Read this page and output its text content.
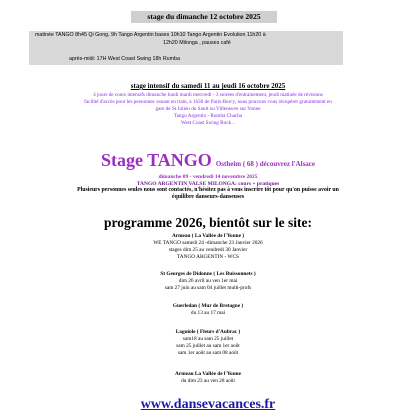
stage du dimanche 12 octobre 2025
matinée TANGO 8h45 Qi Gong, 9h Tango Argentin bases 10h10 Tango Argentin Evolution 11h20 à
12h20 Milonga , pauses café
après-midi: 17H West Coast Swing 18h Rumba
stage intensif du samedi 11 au jeudi 16 octobre 2025
4 jours de cours intensifs dimanche lundi mardi mercredi - 3 soirées d'entrainement, jeudi matinée de révisions
facilité d'accès pour les personnes venant en train, à 1h30 de Paris-Bercy, nous pouvons vous récupérer gratuitement en
gare de St Julien du Sault ou Villeneuve sur Yonne
Tango Argentin - Rumba Chacha
West Coast Swing Rock ..
Stage TANGO Ostheim ( 68 ) découvrez l'Alsace
dimanche 09 - vendredi 14 novembre 2025
TANGO ARGENTIN VALSE MILONGA: cours + pratiques
Plusieurs personnes seules nous sont contactés, n'hésitez pas à vous inscrire tôt pour qu'on puisse avoir un
équilibre danseurs-danseuses
programme 2026, bientôt sur le site:
Armeau ( La Vallée de l'Yonne )
WE TANGO samedi 24 -dimanche 23 Janvier 2026
stages dim 25 au vendredi 30 Janvier
TANGO ARGENTIN - WCS
St Georges de Didonne ( Les Buissonnets )
dim 26 avril au ven 1er mai
sam 27 juin au sam 04 juillet multi-profs
Guerledan ( Mur de Bretagne )
du 13 au 17 mai
Laguiole ( Fleurs d'Aubrac )
sam18 au sam 25 juillet
sam 25 juillet au sam 1er août
sam 1er août au sam 08 août
Armeau La Vallée de l'Yonne
du dim 23 au ven 28 août
www.dansevacances.fr
